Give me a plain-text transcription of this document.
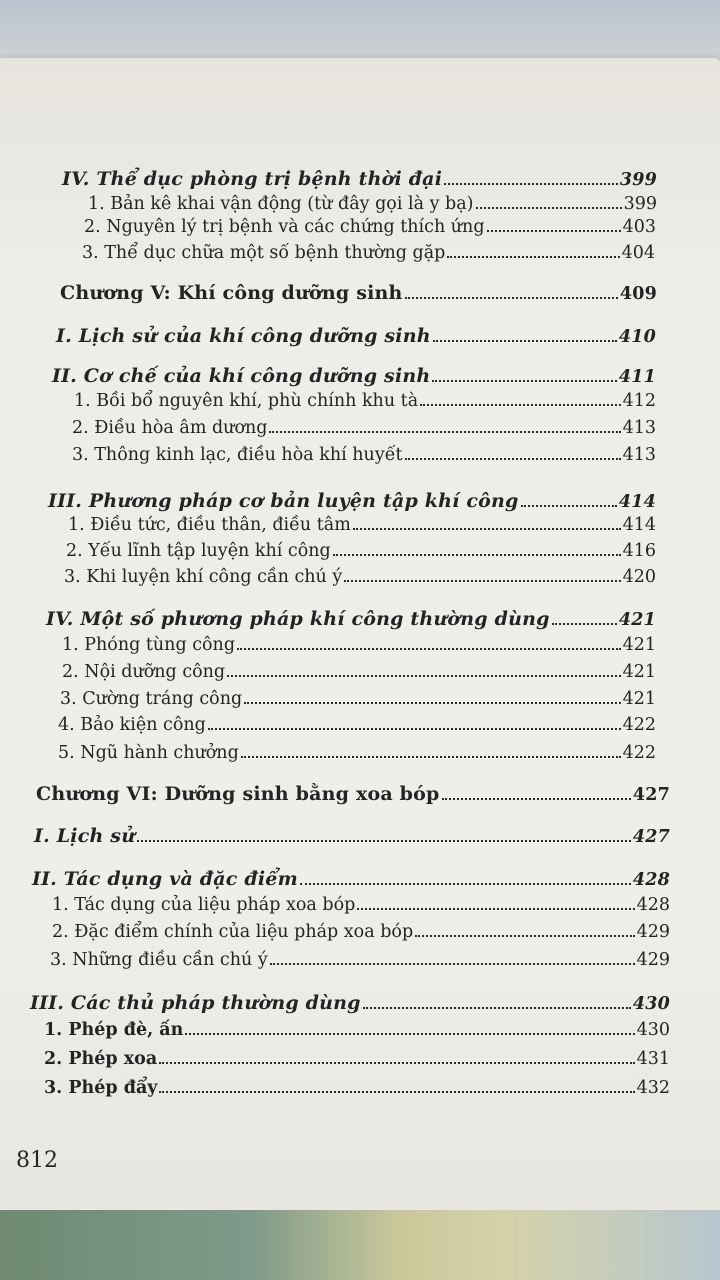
IV. Thể dục phòng trị bệnh thời đại	399
1. Bản kê khai vận động (từ đây gọi là y bạ)	399
2. Nguyên lý trị bệnh và các chứng thích ứng	403
3. Thể dục chữa một số bệnh thường gặp	404
Chương V: Khí công dưỡng sinh	409
I. Lịch sử của khí công dưỡng sinh	410
II. Cơ chế của khí công dưỡng sinh	411
1. Bồi bổ nguyên khí, phù chính khu tà	412
2. Điều hòa âm dương	413
3. Thông kinh lạc, điều hòa khí huyết	413
III. Phương pháp cơ bản luyện tập khí công	414
1. Điều tức, điều thân, điều tâm	414
2. Yếu lĩnh tập luyện khí công	416
3. Khi luyện khí công cần chú ý	420
IV. Một số phương pháp khí công thường dùng	421
1. Phóng tùng công	421
2. Nội dưỡng công	421
3. Cường tráng công	421
4. Bảo kiện công	422
5. Ngũ hành chưởng	422
Chương VI: Dưỡng sinh bằng xoa bóp	427
I. Lịch sử	427
II. Tác dụng và đặc điểm	428
1. Tác dụng của liệu pháp xoa bóp	428
2. Đặc điểm chính của liệu pháp xoa bóp	429
3. Những điều cần chú ý	429
III. Các thủ pháp thường dùng	430
1. Phép đè, ấn	430
2. Phép xoa	431
3. Phép đẩy	432
812
